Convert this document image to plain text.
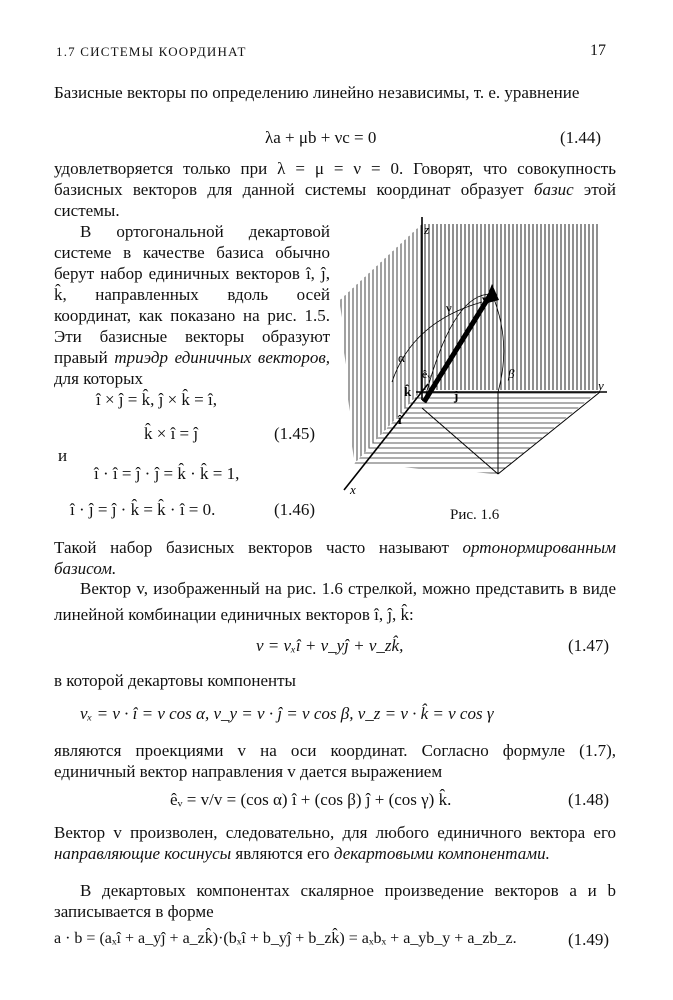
1.7 СИСТЕМЫ КООРДИНАТ	17
Базисные векторы по определению линейно независимы, т. е. уравнение
λa + μb + νc = 0	(1.44)
удовлетворяется только при λ = μ = ν = 0. Говорят, что совокупность базисных векторов для данной системы координат образует базис этой системы.
В ортогональной декартовой системе в качестве базиса обычно берут набор единичных векторов î, ĵ, k̂, направленных вдоль осей координат, как показано на рис. 1.5. Эти базисные векторы образуют правый триэдр единичных векторов, для которых
î × ĵ = k̂, ĵ × k̂ = î,
k̂ × î = ĵ	(1.45)
и
î · î = ĵ · ĵ = k̂ · k̂ = 1,
î · ĵ = ĵ · k̂ = k̂ · î = 0.	(1.46)
z
y
x
v
γ
β
α
êᵥ
k̂	ĵ
î
Рис. 1.6
Такой набор базисных векторов часто называют ортонормированным базисом.
Вектор v, изображенный на рис. 1.6 стрелкой, можно представить в виде линейной комбинации единичных векторов î, ĵ, k̂:
v = vₓî + v_yĵ + v_zk̂,	(1.47)
в которой декартовы компоненты
vₓ = v · î = v cos α, v_y = v · ĵ = v cos β, v_z = v · k̂ = v cos γ
являются проекциями v на оси координат. Согласно формуле (1.7), единичный вектор направления v дается выражением
êᵥ = v/v = (cos α) î + (cos β) ĵ + (cos γ) k̂.	(1.48)
Вектор v произволен, следовательно, для любого единичного вектора его направляющие косинусы являются его декартовыми компонентами.
В декартовых компонентах скалярное произведение векторов a и b записывается в форме
a · b = (aₓî + a_yĵ + a_zk̂)·(bₓî + b_yĵ + b_zk̂) = aₓbₓ + a_yb_y + a_zb_z.	(1.49)
